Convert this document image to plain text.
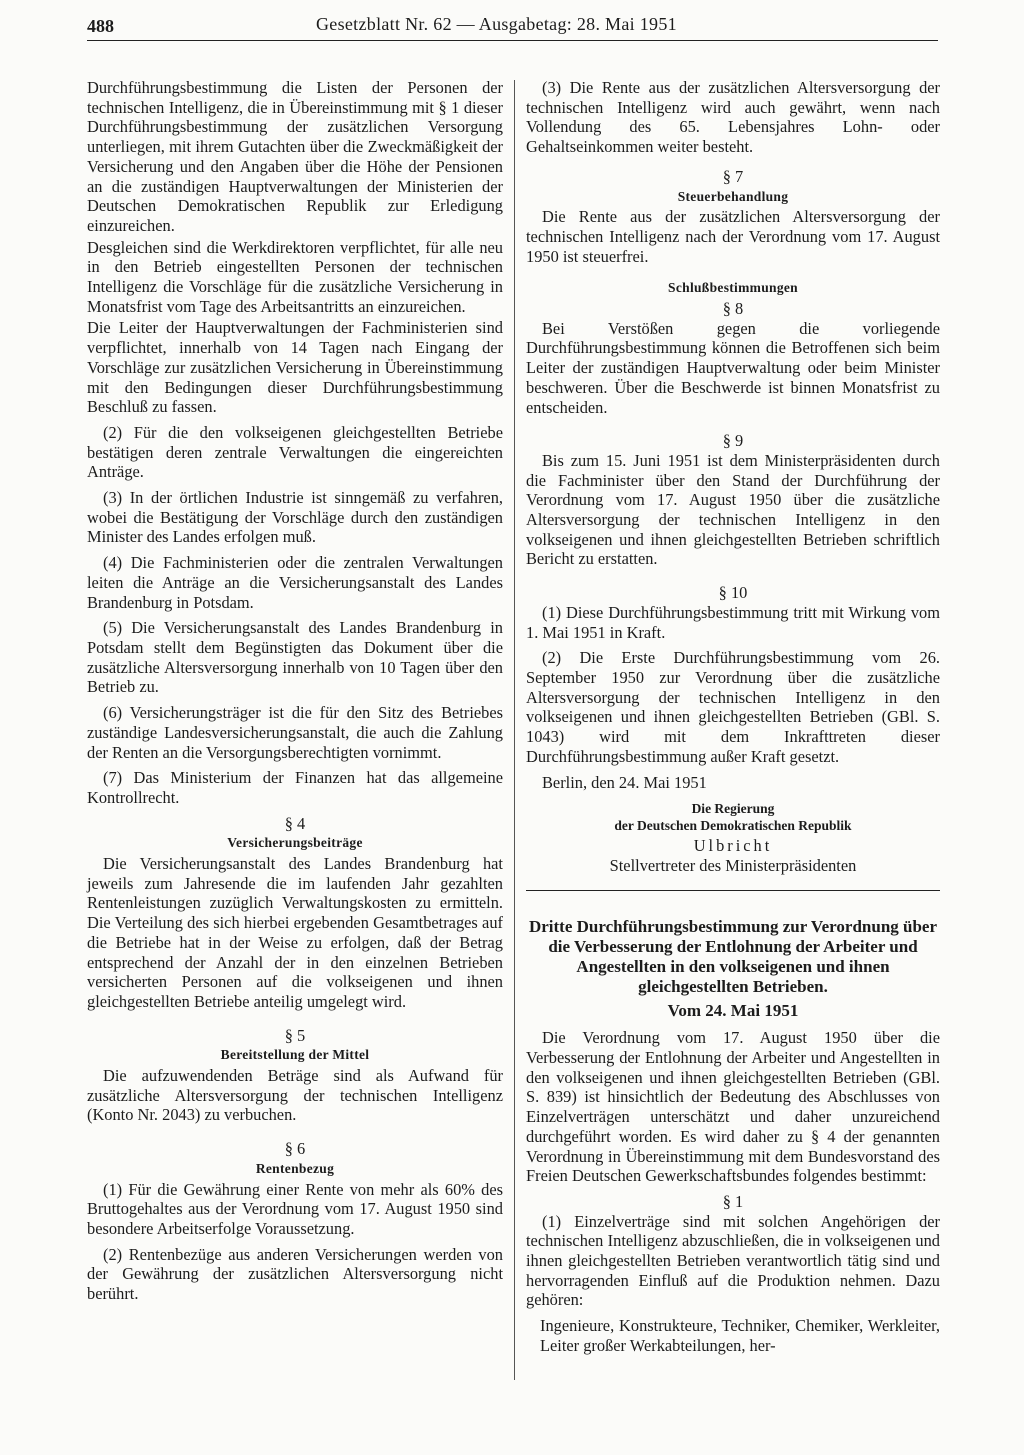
488	Gesetzblatt Nr. 62 — Ausgabetag: 28. Mai 1951

Durchführungsbestimmung die Listen der Personen der technischen Intelligenz, die in Übereinstimmung mit § 1 dieser Durchführungsbestimmung der zusätzlichen Versorgung unterliegen, mit ihrem Gutachten über die Zweckmäßigkeit der Versicherung und den Angaben über die Höhe der Pensionen an die zuständigen Hauptverwaltungen der Ministerien der Deutschen Demokratischen Republik zur Erledigung einzureichen.

Desgleichen sind die Werkdirektoren verpflichtet, für alle neu in den Betrieb eingestellten Personen der technischen Intelligenz die Vorschläge für die zusätzliche Versicherung in Monatsfrist vom Tage des Arbeitsantritts an einzureichen.

Die Leiter der Hauptverwaltungen der Fachministerien sind verpflichtet, innerhalb von 14 Tagen nach Eingang der Vorschläge zur zusätzlichen Versicherung in Übereinstimmung mit den Bedingungen dieser Durchführungsbestimmung Beschluß zu fassen.

(2) Für die den volkseigenen gleichgestellten Betriebe bestätigen deren zentrale Verwaltungen die eingereichten Anträge.

(3) In der örtlichen Industrie ist sinngemäß zu verfahren, wobei die Bestätigung der Vorschläge durch den zuständigen Minister des Landes erfolgen muß.

(4) Die Fachministerien oder die zentralen Verwaltungen leiten die Anträge an die Versicherungsanstalt des Landes Brandenburg in Potsdam.

(5) Die Versicherungsanstalt des Landes Brandenburg in Potsdam stellt dem Begünstigten das Dokument über die zusätzliche Altersversorgung innerhalb von 10 Tagen über den Betrieb zu.

(6) Versicherungsträger ist die für den Sitz des Betriebes zuständige Landesversicherungsanstalt, die auch die Zahlung der Renten an die Versorgungsberechtigten vornimmt.

(7) Das Ministerium der Finanzen hat das allgemeine Kontrollrecht.

§ 4
Versicherungsbeiträge

Die Versicherungsanstalt des Landes Brandenburg hat jeweils zum Jahresende die im laufenden Jahr gezahlten Rentenleistungen zuzüglich Verwaltungskosten zu ermitteln. Die Verteilung des sich hierbei ergebenden Gesamtbetrages auf die Betriebe hat in der Weise zu erfolgen, daß der Betrag entsprechend der Anzahl der in den einzelnen Betrieben versicherten Personen auf die volkseigenen und ihnen gleichgestellten Betriebe anteilig umgelegt wird.

§ 5
Bereitstellung der Mittel

Die aufzuwendenden Beträge sind als Aufwand für zusätzliche Altersversorgung der technischen Intelligenz (Konto Nr. 2043) zu verbuchen.

§ 6
Rentenbezug

(1) Für die Gewährung einer Rente von mehr als 60% des Bruttogehaltes aus der Verordnung vom 17. August 1950 sind besondere Arbeitserfolge Voraussetzung.

(2) Rentenbezüge aus anderen Versicherungen werden von der Gewährung der zusätzlichen Altersversorgung nicht berührt.

(3) Die Rente aus der zusätzlichen Altersversorgung der technischen Intelligenz wird auch gewährt, wenn nach Vollendung des 65. Lebensjahres Lohn- oder Gehaltseinkommen weiter besteht.

§ 7
Steuerbehandlung

Die Rente aus der zusätzlichen Altersversorgung der technischen Intelligenz nach der Verordnung vom 17. August 1950 ist steuerfrei.

Schlußbestimmungen
§ 8

Bei Verstößen gegen die vorliegende Durchführungsbestimmung können die Betroffenen sich beim Leiter der zuständigen Hauptverwaltung oder beim Minister beschweren. Über die Beschwerde ist binnen Monatsfrist zu entscheiden.

§ 9

Bis zum 15. Juni 1951 ist dem Ministerpräsidenten durch die Fachminister über den Stand der Durchführung der Verordnung vom 17. August 1950 über die zusätzliche Altersversorgung der technischen Intelligenz in den volkseigenen und ihnen gleichgestellten Betrieben schriftlich Bericht zu erstatten.

§ 10

(1) Diese Durchführungsbestimmung tritt mit Wirkung vom 1. Mai 1951 in Kraft.

(2) Die Erste Durchführungsbestimmung vom 26. September 1950 zur Verordnung über die zusätzliche Altersversorgung der technischen Intelligenz in den volkseigenen und ihnen gleichgestellten Betrieben (GBl. S. 1043) wird mit dem Inkrafttreten dieser Durchführungsbestimmung außer Kraft gesetzt.

Berlin, den 24. Mai 1951

Die Regierung

der Deutschen Demokratischen Republik

Ulbricht

Stellvertreter des Ministerpräsidenten

Dritte Durchführungsbestimmung zur Verordnung über die Verbesserung der Entlohnung der Arbeiter und Angestellten in den volkseigenen und ihnen gleichgestellten Betrieben.
Vom 24. Mai 1951

Die Verordnung vom 17. August 1950 über die Verbesserung der Entlohnung der Arbeiter und Angestellten in den volkseigenen und ihnen gleichgestellten Betrieben (GBl. S. 839) ist hinsichtlich der Bedeutung des Abschlusses von Einzelverträgen unterschätzt und daher unzureichend durchgeführt worden. Es wird daher zu § 4 der genannten Verordnung in Übereinstimmung mit dem Bundesvorstand des Freien Deutschen Gewerkschaftsbundes folgendes bestimmt:

§ 1

(1) Einzelverträge sind mit solchen Angehörigen der technischen Intelligenz abzuschließen, die in volkseigenen und ihnen gleichgestellten Betrieben verantwortlich tätig sind und hervorragenden Einfluß auf die Produktion nehmen. Dazu gehören:

Ingenieure, Konstrukteure, Techniker, Chemiker, Werkleiter, Leiter großer Werkabteilungen, her-
